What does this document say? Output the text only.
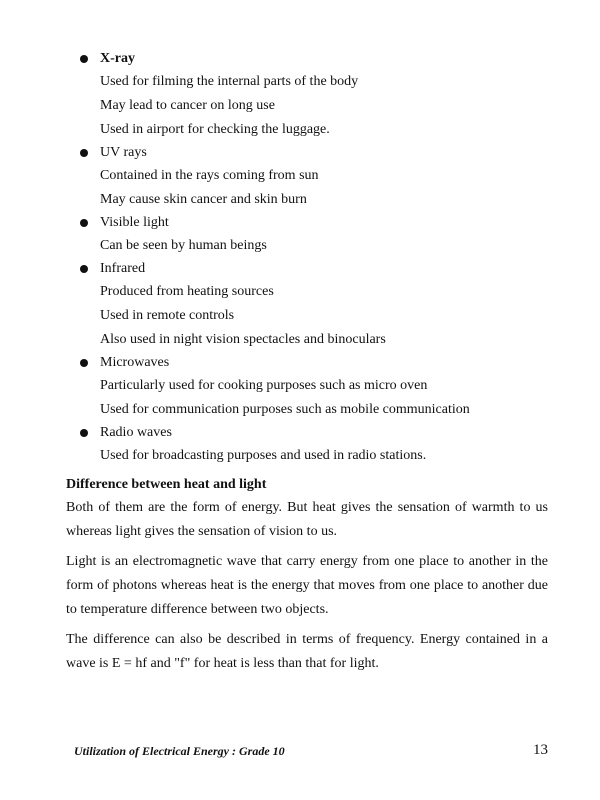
X-ray
Used for filming the internal parts of the body
May lead to cancer on long use
Used in airport for checking the luggage.
UV rays
Contained in the rays coming from sun
May cause skin cancer and skin burn
Visible light
Can be seen by human beings
Infrared
Produced from heating sources
Used in remote controls
Also used in night vision spectacles and binoculars
Microwaves
Particularly used for cooking purposes such as micro oven
Used for communication purposes such as mobile communication
Radio waves
Used for broadcasting purposes and used in radio stations.
Difference between heat and light

Both of them are the form of energy. But heat gives the sensation of warmth to us whereas light gives the sensation of vision to us.

Light is an electromagnetic wave that carry energy from one place to another in the form of photons whereas heat is the energy that moves from one place to another due to temperature difference between two objects.

The difference can also be described in terms of frequency. Energy contained in a wave is E = hf and "f" for heat is less than that for light.

Utilization of Electrical Energy : Grade 10	13
